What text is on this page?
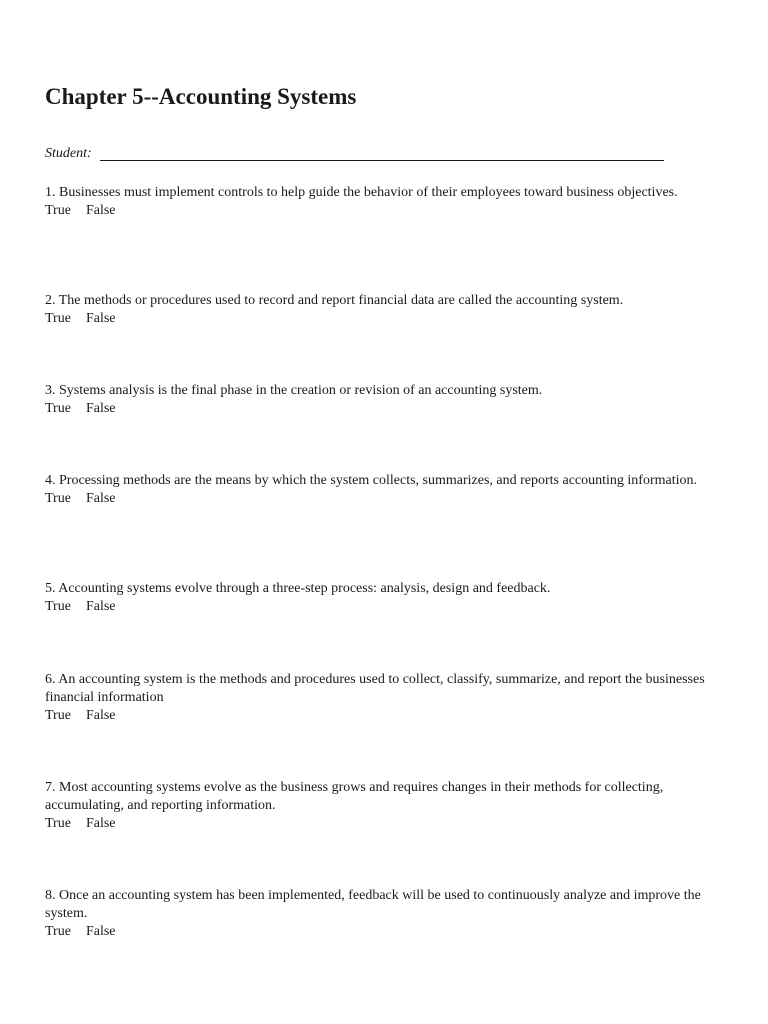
Chapter 5--Accounting Systems
Student:
1. Businesses must implement controls to help guide the behavior of their employees toward business objectives.
True False
2. The methods or procedures used to record and report financial data are called the accounting system.
True False
3. Systems analysis is the final phase in the creation or revision of an accounting system.
True False
4. Processing methods are the means by which the system collects, summarizes, and reports accounting information.
True False
5. Accounting systems evolve through a three-step process: analysis, design and feedback.
True False
6. An accounting system is the methods and procedures used to collect, classify, summarize, and report the businesses financial information
True False
7. Most accounting systems evolve as the business grows and requires changes in their methods for collecting, accumulating, and reporting information.
True False
8. Once an accounting system has been implemented, feedback will be used to continuously analyze and improve the system.
True False
